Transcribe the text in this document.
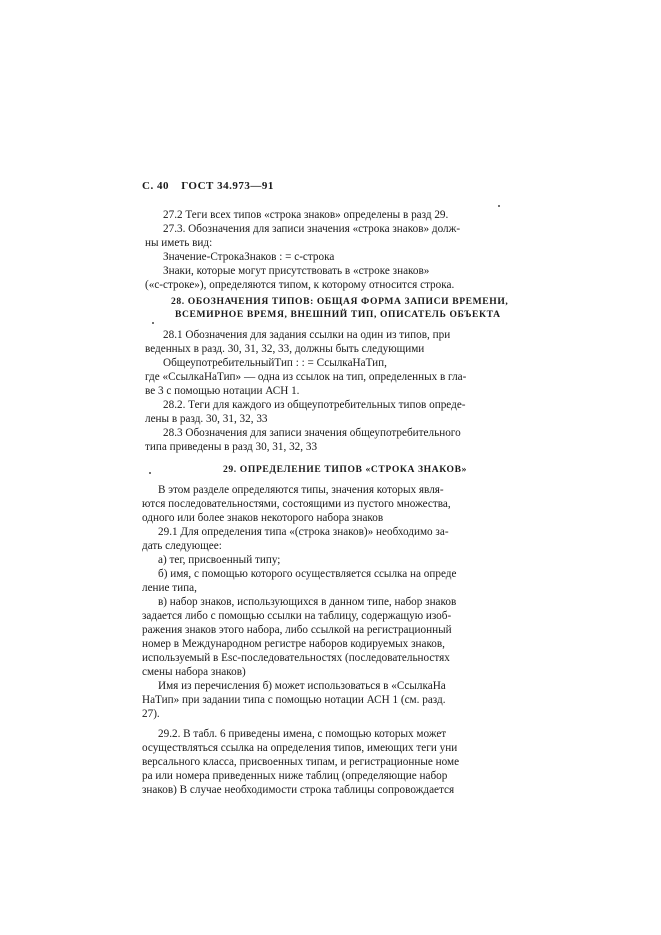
С. 40 ГОСТ 34.973—91
27.2 Теги всех типов «строка знаков» определены в разд 29.
27.3. Обозначения для записи значения «строка знаков» долж-
ны иметь вид:
Значение-СтрокаЗнаков : = с-строка
Знаки, которые могут присутствовать в «строке знаков»
(«с-строке»), определяются типом, к которому относится строка.
28. ОБОЗНАЧЕНИЯ ТИПОВ: ОБЩАЯ ФОРМА ЗАПИСИ ВРЕМЕНИ,
ВСЕМИРНОЕ ВРЕМЯ, ВНЕШНИЙ ТИП, ОПИСАТЕЛЬ ОБЪЕКТА
28.1 Обозначения для задания ссылки на один из типов, при
веденных в разд. 30, 31, 32, 33, должны быть следующими
ОбщеупотребительныйТип : : = СсылкаНаТип,
где «СсылкаНаТип» — одна из ссылок на тип, определенных в гла-
ве 3 с помощью нотации АСН 1.
28.2. Теги для каждого из общеупотребительных типов опреде-
лены в разд. 30, 31, 32, 33
28.3 Обозначения для записи значения общеупотребительного
типа приведены в разд 30, 31, 32, 33
29. ОПРЕДЕЛЕНИЕ ТИПОВ «СТРОКА ЗНАКОВ»
В этом разделе определяются типы, значения которых явля-
ются последовательностями, состоящими из пустого множества,
одного или более знаков некоторого набора знаков
29.1 Для определения типа «(строка знаков)» необходимо за-
дать следующее:
а) тег, присвоенный типу;
б) имя, с помощью которого осуществляется ссылка на опреде
ление типа,
в) набор знаков, использующихся в данном типе, набор знаков
задается либо с помощью ссылки на таблицу, содержащую изоб-
ражения знаков этого набора, либо ссылкой на регистрационный
номер в Международном регистре наборов кодируемых знаков,
используемый в Esc-последовательностях (последовательностях
смены набора знаков)
Имя из перечисления б) может использоваться в «СсылкаНа
НаТип» при задании типа с помощью нотации АСН 1 (см. разд.
27).
29.2. В табл. 6 приведены имена, с помощью которых может
осуществляться ссылка на определения типов, имеющих теги уни
версального класса, присвоенных типам, и регистрационные номе
ра или номера приведенных ниже таблиц (определяющие набор
знаков) В случае необходимости строка таблицы сопровождается
